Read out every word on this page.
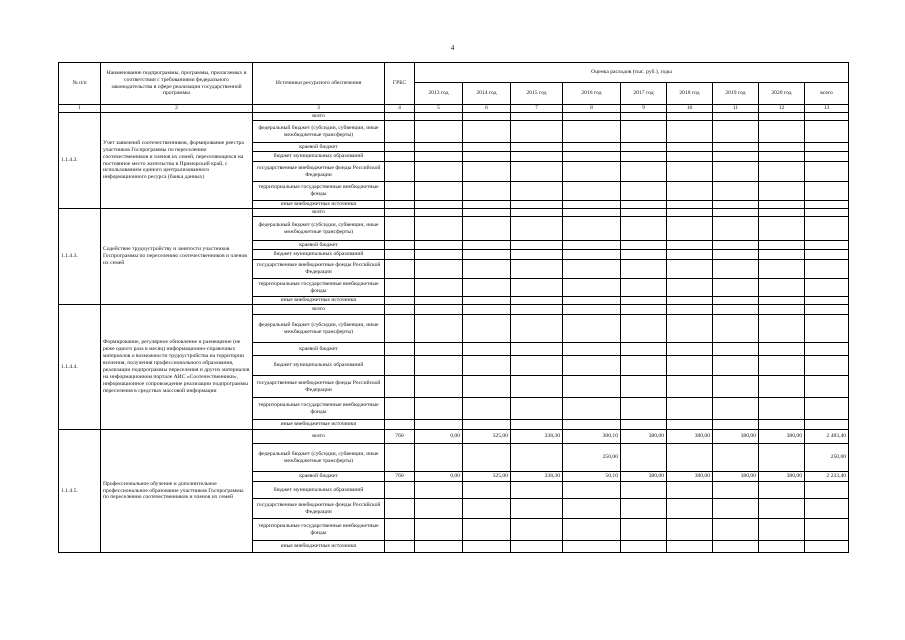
4
№ п/п	Наименование подпрограммы, программы, прилагаемых в соответствии с требованиями федерального законодательства в сфере реализации государственной программы	Источники ресурсного обеспечения	ГРБС	Оценка расходов (тыс. руб.), годы								
				2013 год	2014 год	2015 год	2016 год	2017 год	2018 год	2019 год	2020 год	всего
1	2	3	4	5	6	7	8	9	10	11	12	13
1.1.4.2.	Учет заявлений соотечественников, формирование реестра участников Госпрограммы по переселению соотечественников и членов их семей, переселяющихся на постоянное место жительства в Приморский край, с использованием единого централизованного информационного ресурса (банка данных)	всего										
		федеральный бюджет (субсидии, субвенции, иные межбюджетные трансферты)										
		краевой бюджет										
		бюджет муниципальных образований										
		государственные внебюджетные фонды Российской Федерации										
		территориальные государственные внебюджетные фонды										
		иные внебюджетные источники										
1.1.4.3.	Содействие трудоустройству и занятости участников Госпрограммы по переселению соотечественников и членов их семей	всего										
		федеральный бюджет (субсидии, субвенции, иные межбюджетные трансферты)										
		краевой бюджет										
		бюджет муниципальных образований										
		государственные внебюджетные фонды Российской Федерации										
		территориальные государственные внебюджетные фонды										
		иные внебюджетные источники										
1.1.4.4.	Формирование, регулярное обновление и размещение (не реже одного раза в месяц) информационно-справочных материалов о возможности трудоустройства на территории вселения, получения профессионального образования, реализации подпрограммы переселения и других материалов на информационном портале АИС «Соотечественники», информационное сопровождение реализации подпрограммы переселения в средствах массовой информации	всего										
		федеральный бюджет (субсидии, субвенции, иные межбюджетные трансферты)										
		краевой бюджет										
		бюджет муниципальных образований										
		государственные внебюджетные фонды Российской Федерации										
		территориальные государственные внебюджетные фонды										
		иные внебюджетные источники										
1.1.4.5.	Профессиональное обучение и дополнительное профессиональное образование участников Госпрограммы по переселению соотечественников и членов их семей	всего	760	0,00	325,00	338,30	300,10	380,00	380,00	380,00	380,00	2 483,40
		федеральный бюджет (субсидии, субвенции, иные межбюджетные трансферты)					250,00					250,00
		краевой бюджет	760	0,00	325,00	338,30	50,10	380,00	380,00	380,00	380,00	2 233,40
		бюджет муниципальных образований										
		государственные внебюджетные фонды Российской Федерации										
		территориальные государственные внебюджетные фонды										
		иные внебюджетные источники										
